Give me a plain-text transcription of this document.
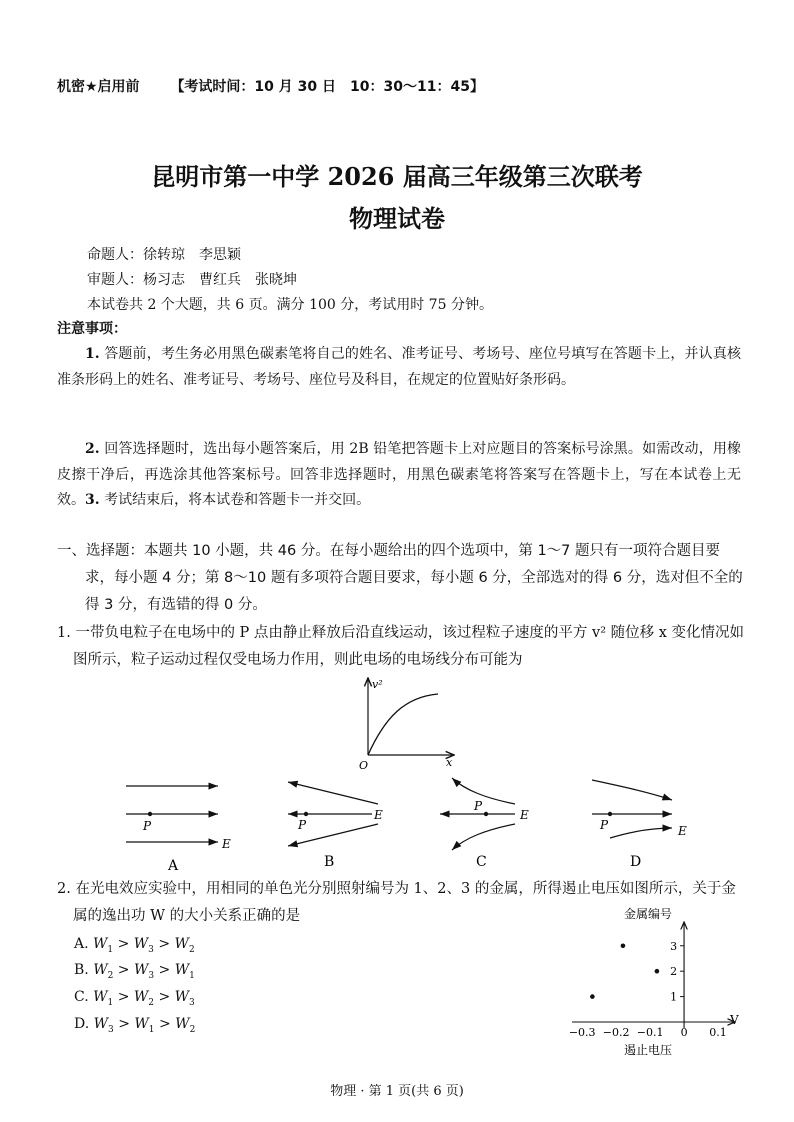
机密★启用前 【考试时间：10 月 30 日　10：30～11：45】
昆明市第一中学 2026 届高三年级第三次联考
物理试卷
命题人：徐转琼　李思颖
审题人：杨习志　曹红兵　张晓坤
本试卷共 2 个大题，共 6 页。满分 100 分，考试用时 75 分钟。
注意事项：
1. 答题前，考生务必用黑色碳素笔将自己的姓名、准考证号、考场号、座位号填写在答题卡上，并认真核准条形码上的姓名、准考证号、考场号、座位号及科目，在规定的位置贴好条形码。
2. 回答选择题时，选出每小题答案后，用 2B 铅笔把答题卡上对应题目的答案标号涂黑。如需改动，用橡皮擦干净后，再选涂其他答案标号。回答非选择题时，用黑色碳素笔将答案写在答题卡上，写在本试卷上无效。 3. 考试结束后，将本试卷和答题卡一并交回。
一、选择题：本题共 10 小题，共 46 分。在每小题给出的四个选项中，第 1～7 题只有一项符合题目要求，每小题 4 分；第 8～10 题有多项符合题目要求，每小题 6 分，全部选对的得 6 分，选对但不全的得 3 分，有选错的得 0 分。
1. 一带负电粒子在电场中的 P 点由静止释放后沿直线运动，该过程粒子速度的平方 v² 随位移 x 变化情况如图所示，粒子运动过程仅受电场力作用，则此电场的电场线分布可能为
v²
x
O
P
E
A
P
E
B
P
E
C
P	E
D
2. 在光电效应实验中，用相同的单色光分别照射编号为 1、2、3 的金属，所得遏止电压如图所示，关于金属的逸出功 W 的大小关系正确的是
A. $W_1 > W_3 > W_2$
B. $W_2 > W_3 > W_1$
C. $W_1 > W_2 > W_3$
D. $W_3 > W_1 > W_2$
金属编号
遏止电压
V
−0.3 −0.2 −0.1 0 0.1
1
2
3
物理 · 第 1 页(共 6 页)
